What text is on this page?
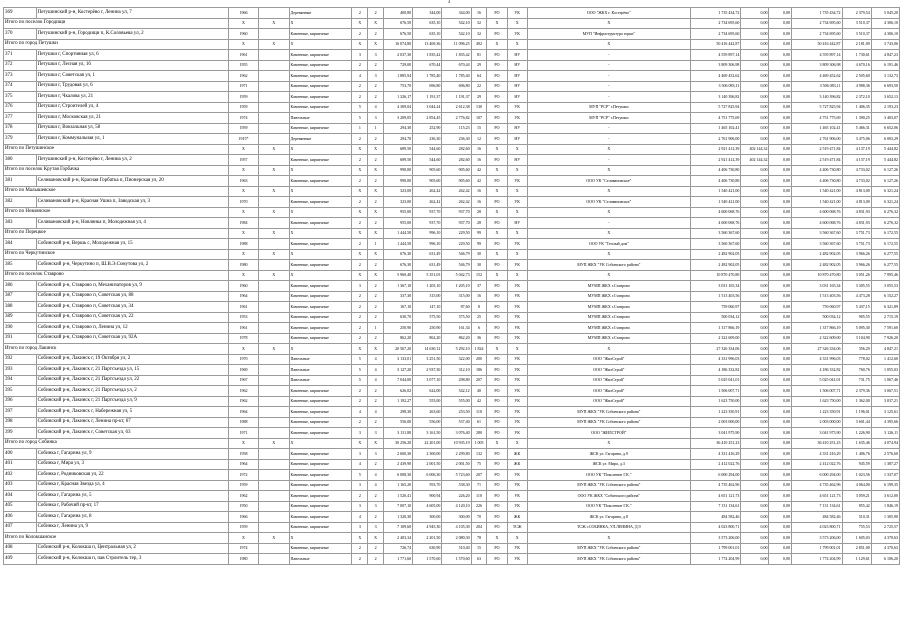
4
369	Петушинский р-н, Костерёво г, Ленина ул, 7	1966		Деревянные	2	2	400,80	344,00	344,00	16	РО	УК	ООО "ЖКХ г. Костерёво"	1 735 434,72	0,00	0,00	1 735 434,72	2 379,54	5 045,20
Итого по поселок Городищи		Х	Х	Х	Х	Х	676,50	635,10	542,10	32	Х	Х	Х	2 734 695,60	0,00	0,00	2 734 695,60	3 510,37	4 306,10
370	Петушинский р-н, Городищи п, К.Соловьева ул, 2	1960		Каменные, кирпичные	2	2	676,50	635,10	542,10	32	РО	УК	МУП "Инфраструктура горки"	2 734 695,60	0,00	0,00	2 734 695,60	3 510,37	4 306,10
Итого по город Петушки		Х	Х	Х	Х	Х	16 074,80	13 469,36	11 096,25	492	Х	Х	Х	50 416 442,87	0,00	0,00	50 416 442,87	2 181,09	3 743,06
371	Петушки г, Спортивная ул, 6	1961		Каменные, кирпичные	3	3	2 037,30	1 835,42	1 835,42	81	РО	НУ	-	4 559 897,14	0,00	0,00	4 559 897,14	1 730,61	4 847,23
372	Петушки г, Лесная ул, 16	1955		Каменные, кирпичные	2	2	729,00	670,44	670,44	29	РО	НУ	-	3 809 306,98	0,00	0,00	3 809 306,98	4 670,16	6 191,46
373	Петушки г, Советская ул, 1	1962		Каменные, кирпичные	4	3	1 885,94	1 785,40	1 785,40	64	РО	НУ	-	4 469 452,62	0,00	0,00	4 469 452,62	2 505,60	3 132,73
374	Петушки г, Трудовая ул, 6	1971		Каменные, кирпичные	2	2	753,70	696,80	696,80	22	РО	НУ	-	3 506 083,11	0,00	0,00	3 506 083,11	4 988,36	6 693,50
375	Петушки г, Чкалова ул, 21	1959		Каменные, кирпичные	2	2	1 326,17	1 191,37	1 191,37	29	РО	НУ	-	3 140 396,82	0,00	0,00	3 140 396,82	2 372,10	3 652,13
376	Петушки г, Строителей ул, 4	1959		Каменные, кирпичные	5	4	4 309,04	3 044,24	2 612,38	130	РО	УК	МУП "РСР" г.Петушки	5 727 825,94	0,00	0,00	5 727 825,94	1 406,35	2 193,23
377	Петушки г, Московская ул, 21	1974		Панельные	5	3	3 209,05	2 854,45	2 776,82	107	РО	УК	МУП "РСР" г.Петушки	4 751 775,69	0,00	0,00	4 751 775,69	1 390,25	3 403,07
378	Петушки г, Вокзальная ул, 58	1959		Каменные, кирпичные	1	1	294,30	252,90	115,23	15	РО	НУ	-	1 465 102,41	0,00	0,00	1 465 102,41	5 466,31	6 652,06
379	Петушки г, Коммунальная ул, 1	1915*		Деревянные	2	2	294,70	236,30	236,30	12	РО	НУ	-	2 761 906,00	0,00	0,00	2 761 906,00	3 475,06	6 003,29
Итого по Петушинское		Х	Х	Х	Х	Х	689,50	544,60	282,60	16	Х	Х	Х	2 921 412,39	402 144,32	0,00	2 519 471,84	4 137,19	5 444,82
380	Петушинский р-н, Костерёво г, Ленина ул, 2	1957		Каменные, кирпичные	2	2	689,50	544,60	282,60	16	РО	НУ	-	2 921 412,39	402 144,32	0,00	2 519 471,84	4 137,19	5 444,82
Итого по поселок Крутая Горбачка		Х	Х	Х	Х	Х	990,00	905,60	905,60	42	Х	Х	Х	4 406 730,80	0,00	0,00	4 406 730,80	4 733,02	6 127,26
381	Селивановский р-н, Красная Горбатка п, Пионерская ул, 20	1963		Каменные, кирпичные	2	2	990,00	905,60	905,60	42	РО	УК	ООО УК "Селивановское"	4 406 730,80	0,00	0,00	4 406 730,80	4 733,02	6 127,26
Итого по Малышевское		Х	Х	Х	Х	Х	323,00	262,42	262,42	16	Х	Х	Х	1 540 421,00	0,00	0,00	1 540 421,00	4 813,00	6 321,24
382	Селивановский р-н, Красная Ушна п, Заводская ул, 3	1970		Каменные, кирпичные	2	2	323,00	262,42	262,42	16	РО	УК	ООО УК "Селивановское"	1 540 421,00	0,00	0,00	1 540 421,00	4 813,00	6 321,24
Итого по Новлянское		Х	Х	Х	Х	Х	955,00	937,70	937,70	28	Х	Х	Х	4 600 068,76	0,00	0,00	4 600 068,76	4 831,93	6 276,32
383	Селивановский р-н, Новлянка п, Молодежная ул, 4	1984		Каменные, кирпичные	2	2	955,00	937,70	937,70	28	РО	НУ	-	4 600 068,76	0,00	0,00	4 600 068,76	4 831,93	6 276,32
Итого по Порецкое		Х	Х	Х	Х	Х	1 444,50	996,10	229,50	99	Х	Х	Х	3 560 367,60	0,00	0,00	3 560 367,60	3 751,73	6 172,55
384	Собинский р-н, Вершь с, Молодежная ул, 15	1988		Каменные, кирпичные	2	1	1 444,50	996,10	229,50	99	РО	УК	ООО УК "Теплый дом"	3 560 367,60	0,00	0,00	3 560 367,60	3 751,73	6 172,55
Итого по Черкутинское		Х	Х	Х	Х	Х	676,30	631,49	546,79	30	Х	Х	Х	2 482 902,05	0,00	0,00	2 482 902,05	3 966,26	6 277,55
385	Собинский р-н, Черкутино п, Ш.В.Э.Сомутова ул, 2	1980		Каменные, кирпичные	2	2	676,30	631,49	546,79	30	РО	УК	МУП ЖКХ "УК Собинского района"	2 482 902,05	0,00	0,00	2 482 902,05	3 966,26	6 277,55
Итого по поселок Ставрово		Х	Х	Х	Х	Х	5 960,40	5 351,03	5 042,73	152	Х	Х	Х	10 870 470,80	0,00	0,00	10 870 470,80	3 051,26	7 995,46
386	Собинский р-н, Ставрово п, Механизаторов ул, 9	1960		Каменные, кирпичные	3	2	1 367,10	1 205,10	1 205,10	37	РО	УК	МУМП ЖКХ г.Ставрово	3 031 165,34	0,00	0,00	3 031 165,34	3 305,55	3 055,53
387	Собинский р-н, Ставрово п, Советская ул, 88	1964		Каменные, кирпичные	2	2	337,30	315,00	315,00	16	РО	УК	МУМП ЖКХ г.Ставрово	1 513 403,56	0,00	0,00	1 513 403,56	4 473,28	6 152,27
388	Собинский р-н, Ставрово п, Советская ул, 34	1961		Каменные, кирпичные	2	2	167,10	147,10	87,60	8	РО	УК	МУМП ЖКХ г.Ставрово	759 060,97	0,00	0,00	759 060,97	5 437,15	6 321,89
389	Собинский р-н, Ставрово п, Советская ул, 22	1953		Каменные, кирпичные	2	2	630,70	575,50	575,50	25	РО	УК	МУМП ЖКХ г.Ставрово	500 034,12	0,00	0,00	500 034,12	905,55	2 715,19
390	Собинский р-н, Ставрово п, Ленина ул, 12	1961		Каменные, кирпичные	2	1	250,90	250,90	161,34	6	РО	УК	МУМП ЖКХ г.Ставрово	1 317 866,19	0,00	0,00	1 317 866,19	5 095,30	7 591,60
391	Собинский р-н, Ставрово п, Советская ул, 92А	1978		Каменные, кирпичные	2	2	862,20	862,20	862,20	36	РО	УК	МУМП ЖКХ г.Ставрово	2 322 609,00	0,00	0,00	2 322 609,00	3 104,90	7 926,20
Итого по город Лакинск		Х	Х	Х	Х	Х	20 567,20	14 630,12	5 292,10	1 824	Х	Х	Х	27 326 334,06	0,00	0,00	27 326 334,06	356,29	4 847,21
392	Собинский р-н, Лакинск г, 19 Октября ул, 2	1970		Панельные	5	4	3 133,01	3 251,50	322,00	200	РО	УК	ООО "ЖилСтрой"	4 331 996,03	0,00	0,00	4 331 996,03	778,02	1 412,60
393	Собинский р-н, Лакинск г, 21 Партсъезда ул, 15	1969		Панельные	5	4	3 127,20	2 937,30	312,10	186	РО	УК	ООО "ЖилСтрой"	4 186 332,82	0,00	0,00	4 186 332,82	760,76	1 055,03
394	Собинский р-н, Лакинск г, 21 Партсъезда ул, 22	1967		Панельные	5	4	7 044,00	3 077,10	298,80	207	РО	УК	ООО "ЖилСтрой"	5 025 041,01	0,00	0,00	5 025 041,01	731,75	1 067,46
395	Собинский р-н, Лакинск г, 21 Партсъезда ул, 2	1962		Каменные, кирпичные	2	2	626,02	622,00	542,12	40	РО	УК	ООО "ЖилСтрой"	1 506 007,71	0,00	0,00	1 506 007,71	2 379,36	3 067,51
396	Собинский р-н, Лакинск г, 21 Партсъезда ул, 9	1962		Каменные, кирпичные	2	2	1 192,27	555,00	555,00	42	РО	УК	ООО "ЖилСтрой"	1 623 750,00	0,00	0,00	1 623 750,00	1 362,00	3 037,21
397	Собинский р-н, Лакинск г, Набережная ул, 5	1964		Каменные, кирпичные	4	4	298,30	263,60	253,50	110	РО	УК	МУП ЖКХ "УК Собинского района"	1 223 350,91	0,00	0,00	1 223 350,91	1 196,01	3 125,61
398	Собинский р-н, Лакинск г, Ленина пр-кт, 67	1988		Каменные, кирпичные	2	2	556,00	556,00	537,40	61	РО	УК	МУП ЖКХ "УК Собинского района"	2 003 000,00	0,00	0,00	2 003 000,00	3 601,44	4 395,66
399	Собинский р-н, Лакинск г, Советская ул, 63	1971		Каменные, кирпичные	3	3	3 131,80	3 161,50	3 076,40	280	РО	УК	ООО "ЖИЛСТРОЙ"	3 041 975,90	0,00	0,00	3 041 975,90	1 226,90	3 126,11
Итого по город Собинка		Х	Х	Х	Х	Х	30 256,20	22 201,00	10 935,19	1 005	Х	Х	Х	36 410 251,23	0,00	0,00	36 410 251,23	1 635,46	4 074,94
400	Собинка г, Гагарина ул, 9	1958		Каменные, кирпичные	3	3	2 600,30	2 300,00	2 299,80	132	РО	ЖК	ЖСК ул. Гагарина, д.9	4 331 416,29	0,00	0,00	4 331 416,29	1 406,76	2 576,60
401	Собинка г, Мира ул, 3	1964		Каменные, кирпичные	4	2	2 439,90	2 001,50	2 001,50	75	РО	ЖК	ЖСК ул. Мира, д.3	2 412 022,76	0,00	0,00	2 412 022,76	945,59	1 387,27
402	Собинка г, Родниковская ул, 22	1972		Каменные, кирпичные	5	4	6 008,30	6 006,30	5 723,60	207	РО	УК	ООО УК "Поколение Г.К."	6 000 294,00	0,00	0,00	6 000 294,00	1 023,56	1 337,07
403	Собинка г, Красная Звезда ул, 4	1959		Каменные, кирпичные	3	4	1 165,20	593,70	538,30	71	РО	УК	МУП ЖКХ "УК Собинского района"	4 735 462,96	0,00	0,00	4 735 462,96	4 064,00	6 199,35
404	Собинка г, Гагарина ул, 5	1962		Каменные, кирпичные	2	2	1 520,41	900,94	226,20	110	РО	УК	ООО УК ЖКХ "Собинского района"	4 651 121,73	0,00	0,00	4 651 121,73	3 059,21	3 612,00
405	Собинка г, Рабочий пр-кт, 17	1950		Каменные, кирпичные	3	3	7 007,10	4 605,00	4 120,10	226	РО	УК	ООО УК "Поколение Г.К."	7 131 134,61	0,00	0,00	7 131 134,61	855,42	1 846,19
406	Собинка г, Гагарина ул, 8	1966		Каменные, кирпичные	4	2	1 320,30	300,00	300,00	70	РО	ЖК	ЖСК ул. Гагарина, д.8	484 582,46	0,00	0,00	484 582,46	510,31	1 305,90
407	Собинка г, Ленина ул, 9	1959		Каменные, кирпичные	3	3	7 109,60	4 945,30	4 105,30	204	РО	ТСЖ	ТСЖ г.СОБИНКА, УЛ.ЛЕНИНА, Д.9	4 023 800,71	0,00	0,00	4 023 800,71	755,53	2 725,57
Итого по Колокшанское		Х	Х	Х	Х	Х	2 403,34	2 201,50	2 080,30	78	Х	Х	Х	3 573 206,00	0,00	0,00	3 573 206,00	1 605,03	4 370,63
408	Собинский р-н, Колокша п, Центральная ул, 2	1974		Каменные, кирпичные	2	2	726,74	630,90	510,40	15	РО	УК	МУП ЖКХ "УК Собинского района"	1 799 001,01	0,00	0,00	1 799 001,01	2 851,00	4 370,63
409	Собинский р-н, Колокша п, пав Строитель тер, 3	1980		Панельные	2	2	1 771,60	1 570,60	1 570,60	63	РО	УК	МУП ЖКХ "УК Собинского района"	1 774 204,99	0,00	0,00	1 774 204,99	1 129,61	6 106,20
